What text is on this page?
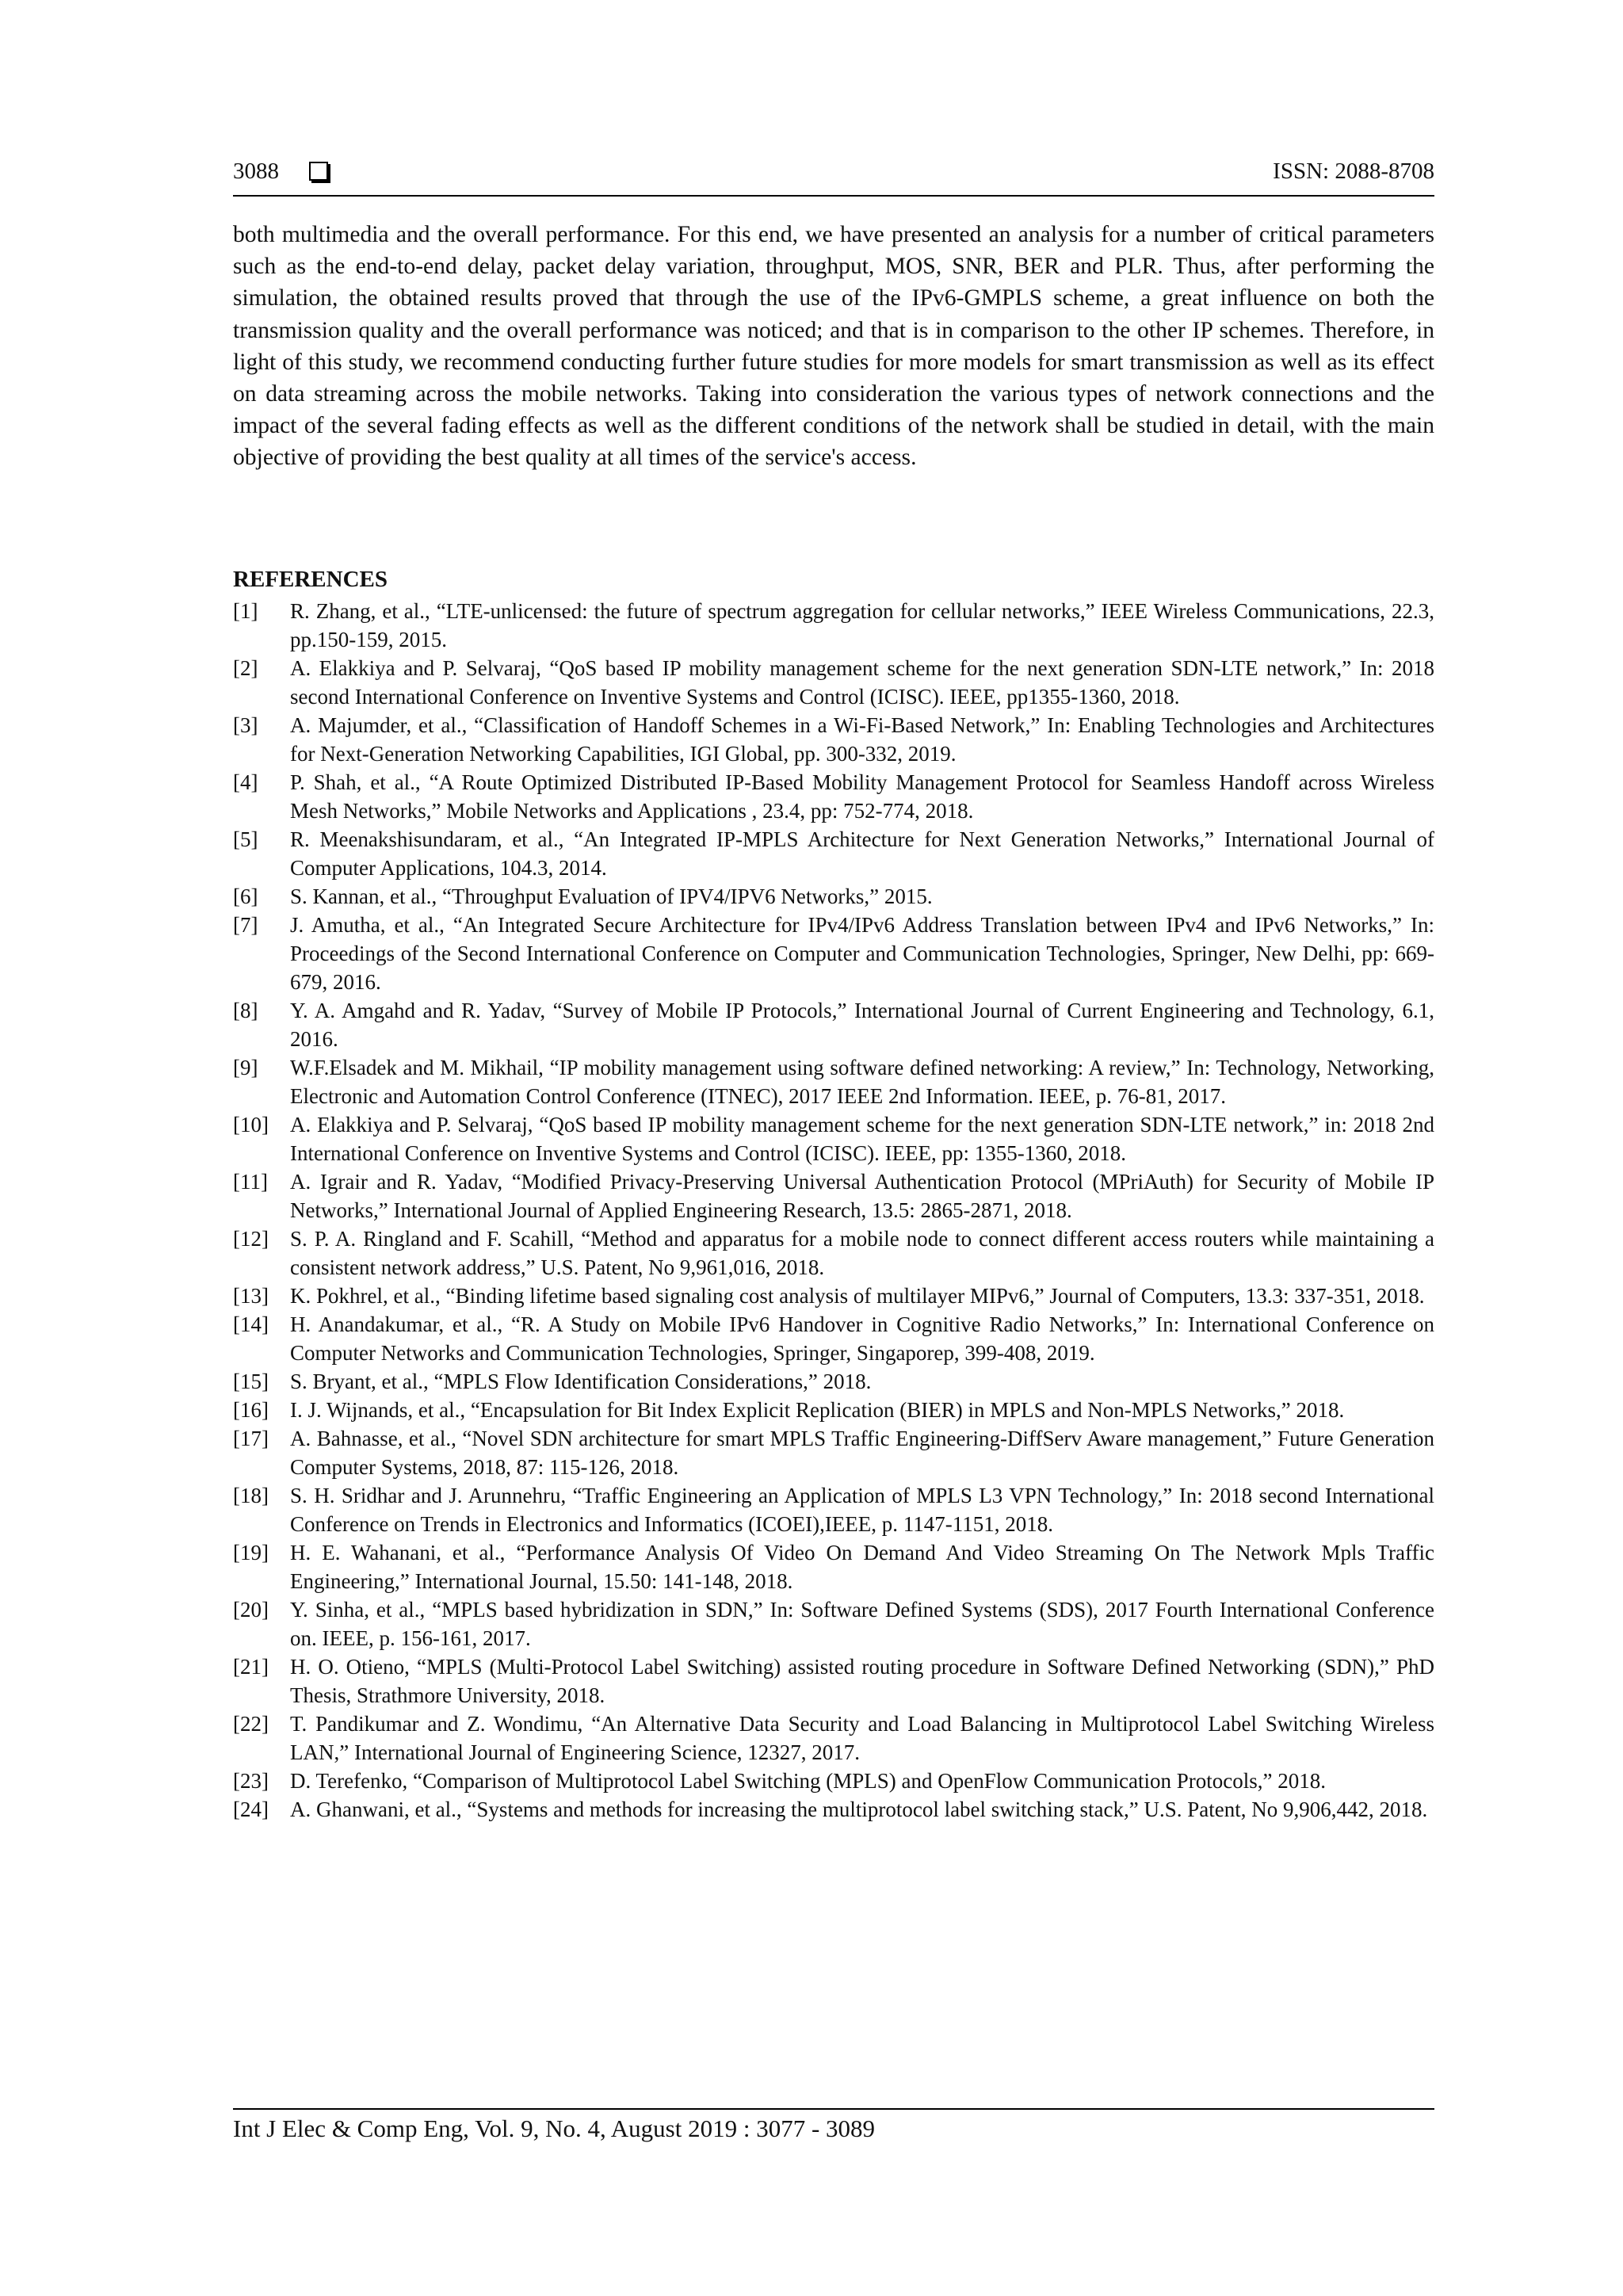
3088	ISSN: 2088-8708

both multimedia and the overall performance. For this end, we have presented an analysis for a number of critical parameters such as the end-to-end delay, packet delay variation, throughput, MOS, SNR, BER and PLR. Thus, after performing the simulation, the obtained results proved that through the use of the IPv6-GMPLS scheme, a great influence on both the transmission quality and the overall performance was noticed; and that is in comparison to the other IP schemes. Therefore, in light of this study, we recommend conducting further future studies for more models for smart transmission as well as its effect on data streaming across the mobile networks. Taking into consideration the various types of network connections and the impact of the several fading effects as well as the different conditions of the network shall be studied in detail, with the main objective of providing the best quality at all times of the service's access.

REFERENCES
[1] R. Zhang, et al., “LTE-unlicensed: the future of spectrum aggregation for cellular networks,” IEEE Wireless Communications, 22.3, pp.150-159, 2015.
[2] A. Elakkiya and P. Selvaraj, “QoS based IP mobility management scheme for the next generation SDN-LTE network,” In: 2018 second International Conference on Inventive Systems and Control (ICISC). IEEE, pp1355-1360, 2018.
[3] A. Majumder, et al., “Classification of Handoff Schemes in a Wi-Fi-Based Network,” In: Enabling Technologies and Architectures for Next-Generation Networking Capabilities, IGI Global, pp. 300-332, 2019.
[4] P. Shah, et al., “A Route Optimized Distributed IP-Based Mobility Management Protocol for Seamless Handoff across Wireless Mesh Networks,” Mobile Networks and Applications , 23.4, pp: 752-774, 2018.
[5] R. Meenakshisundaram, et al., “An Integrated IP-MPLS Architecture for Next Generation Networks,” International Journal of Computer Applications, 104.3, 2014.
[6] S. Kannan, et al., “Throughput Evaluation of IPV4/IPV6 Networks,” 2015.
[7] J. Amutha, et al., “An Integrated Secure Architecture for IPv4/IPv6 Address Translation between IPv4 and IPv6 Networks,” In: Proceedings of the Second International Conference on Computer and Communication Technologies, Springer, New Delhi, pp: 669-679, 2016.
[8] Y. A. Amgahd and R. Yadav, “Survey of Mobile IP Protocols,” International Journal of Current Engineering and Technology, 6.1, 2016.
[9] W.F.Elsadek and M. Mikhail, “IP mobility management using software defined networking: A review,” In: Technology, Networking, Electronic and Automation Control Conference (ITNEC), 2017 IEEE 2nd Information. IEEE, p. 76-81, 2017.
[10] A. Elakkiya and P. Selvaraj, “QoS based IP mobility management scheme for the next generation SDN-LTE network,” in: 2018 2nd International Conference on Inventive Systems and Control (ICISC). IEEE, pp: 1355-1360, 2018.
[11] A. Igrair and R. Yadav, “Modified Privacy-Preserving Universal Authentication Protocol (MPriAuth) for Security of Mobile IP Networks,” International Journal of Applied Engineering Research, 13.5: 2865-2871, 2018.
[12] S. P. A. Ringland and F. Scahill, “Method and apparatus for a mobile node to connect different access routers while maintaining a consistent network address,” U.S. Patent, No 9,961,016, 2018.
[13] K. Pokhrel, et al., “Binding lifetime based signaling cost analysis of multilayer MIPv6,” Journal of Computers, 13.3: 337-351, 2018.
[14] H. Anandakumar, et al., “R. A Study on Mobile IPv6 Handover in Cognitive Radio Networks,” In: International Conference on Computer Networks and Communication Technologies, Springer, Singaporep, 399-408, 2019.
[15] S. Bryant, et al., “MPLS Flow Identification Considerations,” 2018.
[16] I. J. Wijnands, et al., “Encapsulation for Bit Index Explicit Replication (BIER) in MPLS and Non-MPLS Networks,” 2018.
[17] A. Bahnasse, et al., “Novel SDN architecture for smart MPLS Traffic Engineering-DiffServ Aware management,” Future Generation Computer Systems, 2018, 87: 115-126, 2018.
[18] S. H. Sridhar and J. Arunnehru, “Traffic Engineering an Application of MPLS L3 VPN Technology,” In: 2018 second International Conference on Trends in Electronics and Informatics (ICOEI),IEEE, p. 1147-1151, 2018.
[19] H. E. Wahanani, et al., “Performance Analysis Of Video On Demand And Video Streaming On The Network Mpls Traffic Engineering,” International Journal, 15.50: 141-148, 2018.
[20] Y. Sinha, et al., “MPLS based hybridization in SDN,” In: Software Defined Systems (SDS), 2017 Fourth International Conference on. IEEE, p. 156-161, 2017.
[21] H. O. Otieno, “MPLS (Multi-Protocol Label Switching) assisted routing procedure in Software Defined Networking (SDN),” PhD Thesis, Strathmore University, 2018.
[22] T. Pandikumar and Z. Wondimu, “An Alternative Data Security and Load Balancing in Multiprotocol Label Switching Wireless LAN,” International Journal of Engineering Science, 12327, 2017.
[23] D. Terefenko, “Comparison of Multiprotocol Label Switching (MPLS) and OpenFlow Communication Protocols,” 2018.
[24] A. Ghanwani, et al., “Systems and methods for increasing the multiprotocol label switching stack,” U.S. Patent, No 9,906,442, 2018.
Int J Elec & Comp Eng, Vol. 9, No. 4, August 2019 : 3077 - 3089
